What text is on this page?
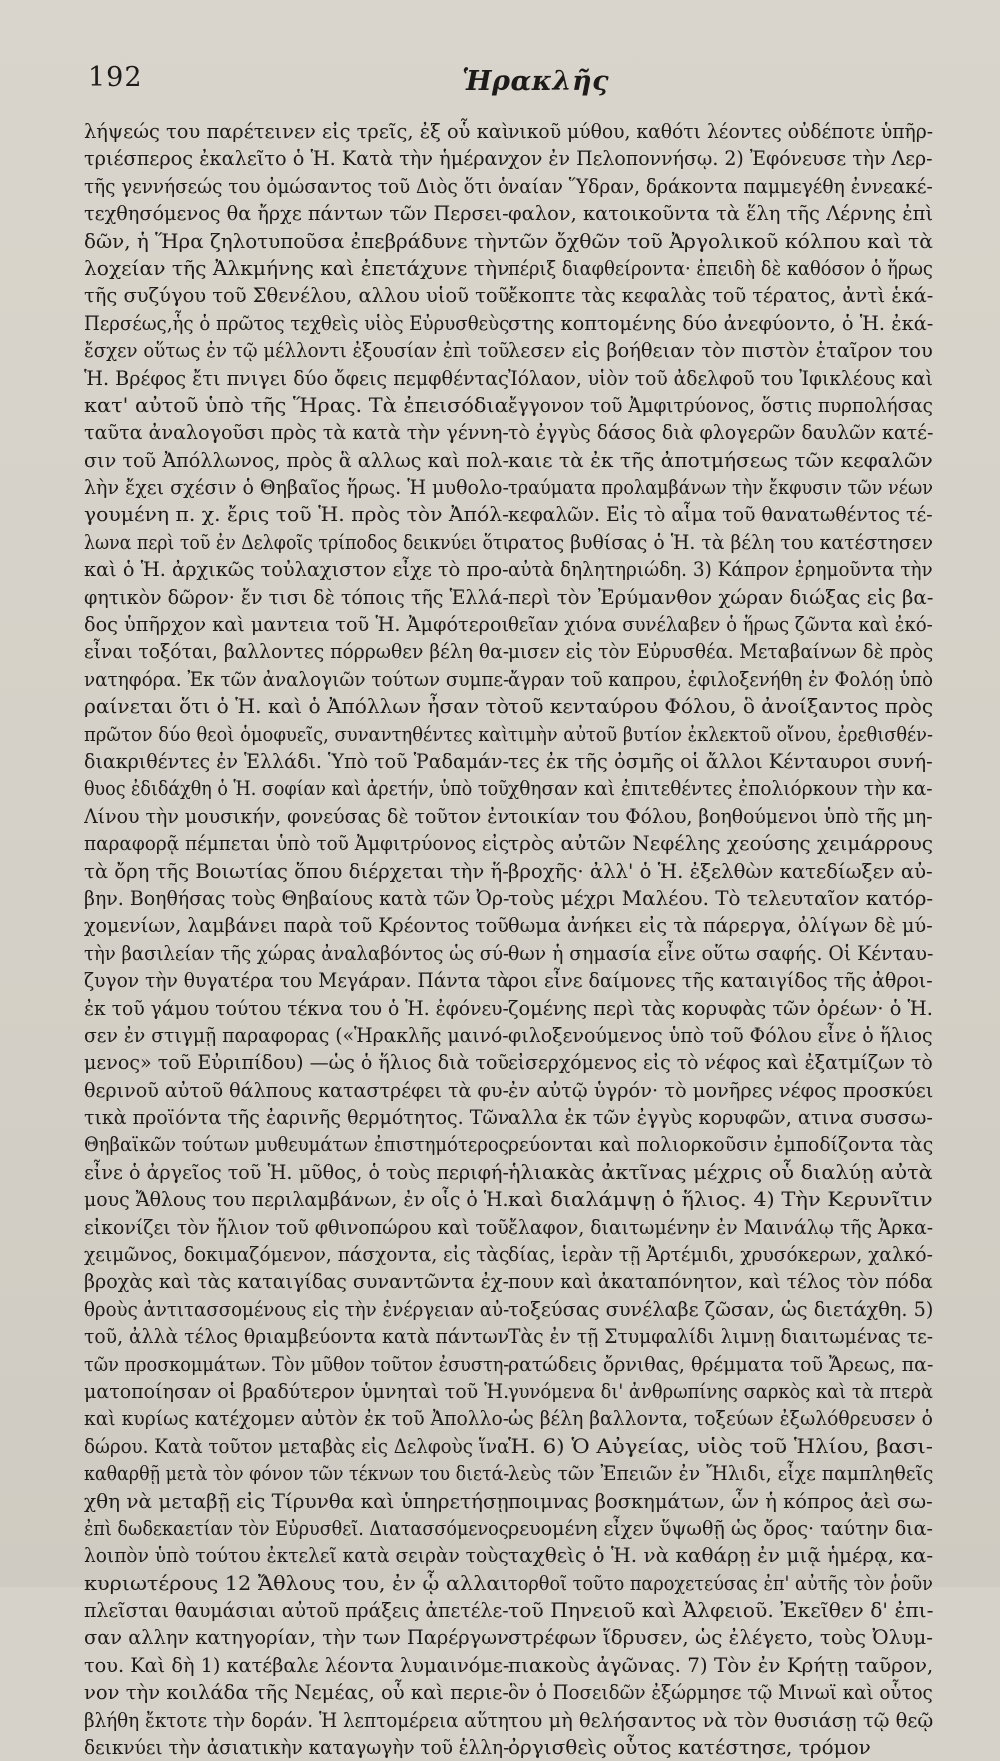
192	Ἡρακλῆς
λήψεώς του παρέτεινεν εἰς τρεῖς, ἐξ οὗ καὶ
τριέσπερος ἐκαλεῖτο ὁ Ἡ. Κατὰ τὴν ἡμέραν
τῆς γεννήσεώς του ὀμώσαντος τοῦ Διὸς ὅτι ὁ
τεχθησόμενος θα ἤρχε πάντων τῶν Περσει-
δῶν, ἡ Ἥρα ζηλοτυποῦσα ἐπεβράδυνε τὴν
λοχείαν τῆς Ἀλκμήνης καὶ ἐπετάχυνε τὴν
τῆς συζύγου τοῦ Σθενέλου, αλλου υἱοῦ τοῦ
Περσέως,ἧς ὁ πρῶτος τεχθεὶς υἱὸς Εὐρυσθεὺς
ἔσχεν οὕτως ἐν τῷ μέλλοντι ἐξουσίαν ἐπὶ τοῦ
Ἡ. Βρέφος ἔτι πνιγει δύο ὄφεις πεμφθέντας
κατ' αὐτοῦ ὑπὸ τῆς Ἥρας. Τὰ ἐπεισόδια
ταῦτα ἀναλογοῦσι πρὸς τὰ κατὰ τὴν γέννη-
σιν τοῦ Ἀπόλλωνος, πρὸς ἃ αλλως καὶ πολ-
λὴν ἔχει σχέσιν ὁ Θηβαῖος ἥρως. Ἡ μυθολο-
γουμένη π. χ. ἔρις τοῦ Ἡ. πρὸς τὸν Ἀπόλ-
λωνα περὶ τοῦ ἐν Δελφοῖς τρίποδος δεικνύει ὅτι
καὶ ὁ Ἡ. ἀρχικῶς τοὐλαχιστον εἶχε τὸ προ-
φητικὸν δῶρον· ἔν τισι δὲ τόποις τῆς Ἑλλά-
δος ὑπῆρχον καὶ μαντεια τοῦ Ἡ. Ἀμφότεροι
εἶναι τοξόται, βαλλοντες πόρρωθεν βέλη θα-
νατηφόρα. Ἐκ τῶν ἀναλογιῶν τούτων συμπε-
ραίνεται ὅτι ὁ Ἡ. καὶ ὁ Ἀπόλλων ἦσαν τὸ
πρῶτον δύο θεοὶ ὁμοφυεῖς, συναντηθέντες καὶ
διακριθέντες ἐν Ἑλλάδι. Ὑπὸ τοῦ Ῥαδαμάν-
θυος ἐδιδάχθη ὁ Ἡ. σοφίαν καὶ ἀρετήν, ὑπὸ τοῦ
Λίνου τὴν μουσικήν, φονεύσας δὲ τοῦτον ἐν
παραφορᾷ πέμπεται ὑπὸ τοῦ Ἀμφιτρύονος εἰς
τὰ ὄρη τῆς Βοιωτίας ὅπου διέρχεται τὴν ἥ-
βην. Βοηθήσας τοὺς Θηβαίους κατὰ τῶν Ὀρ-
χομενίων, λαμβάνει παρὰ τοῦ Κρέοντος τοῦ
τὴν βασιλείαν τῆς χώρας ἀναλαβόντος ὡς σύ-
ζυγον τὴν θυγατέρα του Μεγάραν. Πάντα τὰ
ἐκ τοῦ γάμου τούτου τέκνα του ὁ Ἡ. ἐφόνευ-
σεν ἐν στιγμῇ παραφορας («Ἡρακλῆς μαινό-
μενος» τοῦ Εὐριπίδου) —ὡς ὁ ἥλιος διὰ τοῦ
θερινοῦ αὐτοῦ θάλπους καταστρέφει τὰ φυ-
τικὰ προϊόντα τῆς ἐαρινῆς θερμότητος. Τῶν
Θηβαϊκῶν τούτων μυθευμάτων ἐπιστημότερος
εἶνε ὁ ἀργεῖος τοῦ Ἡ. μῦθος, ὁ τοὺς περιφή-
μους Ἄθλους του περιλαμβάνων, ἐν οἷς ὁ Ἡ.
εἰκονίζει τὸν ἥλιον τοῦ φθινοπώρου καὶ τοῦ
χειμῶνος, δοκιμαζόμενον, πάσχοντα, εἰς τὰς
βροχὰς καὶ τὰς καταιγίδας συναντῶντα ἐχ-
θροὺς ἀντιτασσομένους εἰς τὴν ἐνέργειαν αὐ-
τοῦ, ἀλλὰ τέλος θριαμβεύοντα κατὰ πάντων
τῶν προσκομμάτων. Τὸν μῦθον τοῦτον ἐσυστη-
ματοποίησαν οἱ βραδύτερον ὑμνηταὶ τοῦ Ἡ.
καὶ κυρίως κατέχομεν αὐτὸν ἐκ τοῦ Ἀπολλο-
δώρου. Κατὰ τοῦτον μεταβὰς εἰς Δελφοὺς ἵνα
καθαρθῇ μετὰ τὸν φόνον τῶν τέκνων του διετά-
χθη νὰ μεταβῇ εἰς Τίρυνθα καὶ ὑπηρετήσῃ
ἐπὶ δωδεκαετίαν τὸν Εὐρυσθεῖ. Διατασσόμενος
λοιπὸν ὑπὸ τούτου ἐκτελεῖ κατὰ σειρὰν τοὺς
κυριωτέρους 12 Ἄθλους του, ἐν ᾧ αλλαι
πλεῖσται θαυμάσιαι αὐτοῦ πράξεις ἀπετέλε-
σαν αλλην κατηγορίαν, τὴν των Παρέργων
του. Καὶ δὴ 1) κατέβαλε λέοντα λυμαινόμε-
νον τὴν κοιλάδα τῆς Νεμέας, οὗ καὶ περιε-
βλήθη ἔκτοτε τὴν δοράν. Ἡ λεπτομέρεια αὕτη
δεικνύει τὴν ἀσιατικὴν καταγωγὴν τοῦ ἑλλη-
νικοῦ μύθου, καθότι λέοντες οὐδέποτε ὑπῆρ-
χον ἐν Πελοποννήσῳ. 2) Ἐφόνευσε τὴν Λερ-
ναίαν Ὕδραν, δράκοντα παμμεγέθη ἐννεακέ-
φαλον, κατοικοῦντα τὰ ἕλη τῆς Λέρνης ἐπὶ
τῶν ὄχθῶν τοῦ Ἀργολικοῦ κόλπου καὶ τὰ
πέριξ διαφθείροντα· ἐπειδὴ δὲ καθόσον ὁ ἥρως
ἔκοπτε τὰς κεφαλὰς τοῦ τέρατος, ἀντὶ ἑκά-
στης κοπτομένης δύο ἀνεφύοντο, ὁ Ἡ. ἐκά-
λεσεν εἰς βοήθειαν τὸν πιστὸν ἑταῖρον του
Ἰόλαον, υἱὸν τοῦ ἀδελφοῦ του Ἰφικλέους καὶ
ἔγγονον τοῦ Ἀμφιτρύονος, ὅστις πυρπολήσας
τὸ ἐγγὺς δάσος διὰ φλογερῶν δαυλῶν κατέ-
καιε τὰ ἐκ τῆς ἀποτμήσεως τῶν κεφαλῶν
τραύματα προλαμβάνων τὴν ἔκφυσιν τῶν νέων
κεφαλῶν. Εἰς τὸ αἷμα τοῦ θανατωθέντος τέ-
ρατος βυθίσας ὁ Ἡ. τὰ βέλη του κατέστησεν
αὐτὰ δηλητηριώδη. 3) Κάπρον ἐρημοῦντα τὴν
περὶ τὸν Ἐρύμανθον χώραν διώξας εἰς βα-
θεῖαν χιόνα συνέλαβεν ὁ ἥρως ζῶντα καὶ ἐκό-
μισεν εἰς τὸν Εὐρυσθέα. Μεταβαίνων δὲ πρὸς
ἄγραν τοῦ καπρου, ἐφιλοξενήθη ἐν Φολόῃ ὑπὸ
τοῦ κενταύρου Φόλου, ὃ ἀνοίξαντος πρὸς
τιμὴν αὐτοῦ βυτίον ἐκλεκτοῦ οἴνου, ἐρεθισθέν-
τες ἐκ τῆς ὀσμῆς οἱ ἄλλοι Κένταυροι συνή-
χθησαν καὶ ἐπιτεθέντες ἐπολιόρκουν τὴν κα-
τοικίαν του Φόλου, βοηθούμενοι ὑπὸ τῆς μη-
τρὸς αὐτῶν Νεφέλης χεούσης χειμάρρους
βροχῆς· ἀλλ' ὁ Ἡ. ἐξελθὼν κατεδίωξεν αὐ-
τοὺς μέχρι Μαλέου. Τὸ τελευταῖον κατόρ-
θωμα ἀνήκει εἰς τὰ πάρεργα, ὀλίγων δὲ μύ-
θων ἡ σημασία εἶνε οὕτω σαφής. Οἱ Κένταυ-
ροι εἶνε δαίμονες τῆς καταιγίδος τῆς ἀθροι-
ζομένης περὶ τὰς κορυφὰς τῶν ὀρέων· ὁ Ἡ.
φιλοξενούμενος ὑπὸ τοῦ Φόλου εἶνε ὁ ἥλιος
εἰσερχόμενος εἰς τὸ νέφος καὶ ἐξατμίζων τὸ
ἐν αὐτῷ ὑγρόν· τὸ μονῆρες νέφος προσκύει
αλλα ἐκ τῶν ἐγγὺς κορυφῶν, ατινα συσσω-
ρεύονται καὶ πολιορκοῦσιν ἐμποδίζοντα τὰς
ἡλιακὰς ἀκτῖνας μέχρις οὗ διαλύῃ αὐτὰ
καὶ διαλάμψῃ ὁ ἥλιος. 4) Τὴν Κερυνῖτιν
ἔλαφον, διαιτωμένην ἐν Μαινάλῳ τῆς Ἀρκα-
δίας, ἱερὰν τῇ Ἀρτέμιδι, χρυσόκερων, χαλκό-
πουν καὶ ἀκαταπόνητον, καὶ τέλος τὸν πόδα
τοξεύσας συνέλαβε ζῶσαν, ὡς διετάχθη. 5)
Τὰς ἐν τῇ Στυμφαλίδι λιμνῃ διαιτωμένας τε-
ρατώδεις ὄρνιθας, θρέμματα τοῦ Ἄρεως, πα-
γυνόμενα δι' ἀνθρωπίνης σαρκὸς καὶ τὰ πτερὰ
ὡς βέλη βαλλοντα, τοξεύων ἐξωλόθρευσεν ὁ
Ἡ. 6) Ὁ Αὐγείας, υἱὸς τοῦ Ἡλίου, βασι-
λεὺς τῶν Ἐπειῶν ἐν Ἤλιδι, εἶχε παμπληθεῖς
ποιμνας βοσκημάτων, ὧν ἡ κόπρος ἀεὶ σω-
ρευομένη εἶχεν ὕψωθῇ ὡς ὄρος· ταύτην δια-
ταχθεὶς ὁ Ἡ. νὰ καθάρῃ ἐν μιᾷ ἡμέρᾳ, κα-
τορθοῖ τοῦτο παροχετεύσας ἐπ' αὐτῆς τὸν ῥοῦν
τοῦ Πηνειοῦ καὶ Ἀλφειοῦ. Ἐκεῖθεν δ' ἐπι-
στρέφων ἵδρυσεν, ὡς ἐλέγετο, τοὺς Ὀλυμ-
πιακοὺς ἀγῶνας. 7) Τὸν ἐν Κρήτῃ ταῦρον,
ὃν ὁ Ποσειδῶν ἐξώρμησε τῷ Μινωϊ καὶ οὗτος
του μὴ θελήσαντος νὰ τὸν θυσιάσῃ τῷ θεῷ
ὀργισθεὶς οὗτος κατέστησε, τρόμον
